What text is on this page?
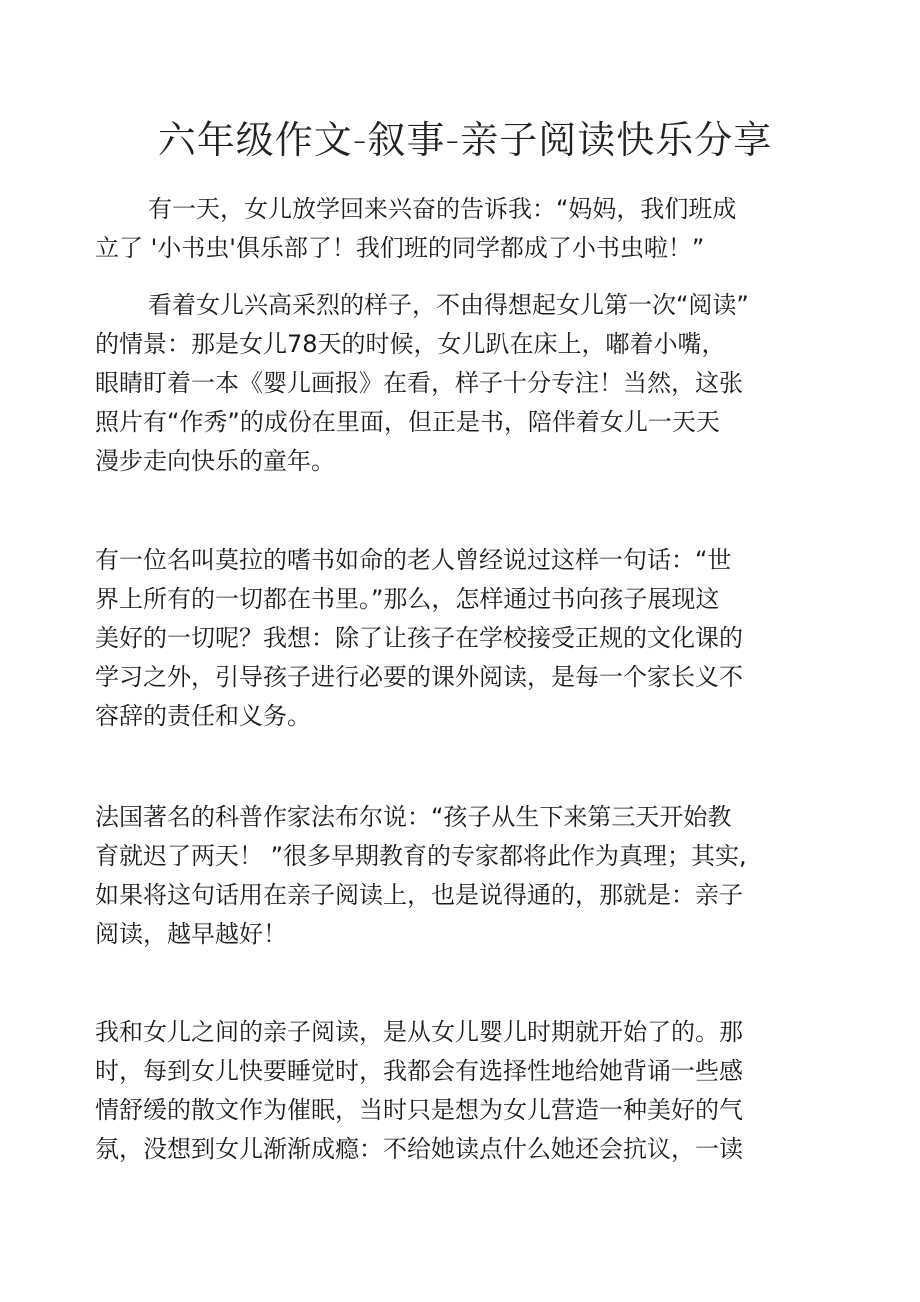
六年级作文-叙事-亲子阅读快乐分享
有一天，女儿放学回来兴奋的告诉我：“妈妈，我们班成
立了 '小书虫'俱乐部了！我们班的同学都成了小书虫啦！”
看着女儿兴高采烈的样子，不由得想起女儿第一次“阅读”
的情景：那是女儿78天的时候，女儿趴在床上，嘟着小嘴，
眼睛盯着一本《婴儿画报》在看，样子十分专注！当然，这张
照片有“作秀”的成份在里面，但正是书，陪伴着女儿一天天
漫步走向快乐的童年。
有一位名叫莫拉的嗜书如命的老人曾经说过这样一句话：“世
界上所有的一切都在书里。”那么，怎样通过书向孩子展现这
美好的一切呢？我想：除了让孩子在学校接受正规的文化课的
学习之外，引导孩子进行必要的课外阅读，是每一个家长义不
容辞的责任和义务。
法国著名的科普作家法布尔说：“孩子从生下来第三天开始教
育就迟了两天！ ”很多早期教育的专家都将此作为真理；其实,
如果将这句话用在亲子阅读上，也是说得通的，那就是：亲子
阅读，越早越好！
我和女儿之间的亲子阅读，是从女儿婴儿时期就开始了的。那
时，每到女儿快要睡觉时，我都会有选择性地给她背诵一些感
情舒缓的散文作为催眠，当时只是想为女儿营造一种美好的气
氛，没想到女儿渐渐成瘾：不给她读点什么她还会抗议，一读
